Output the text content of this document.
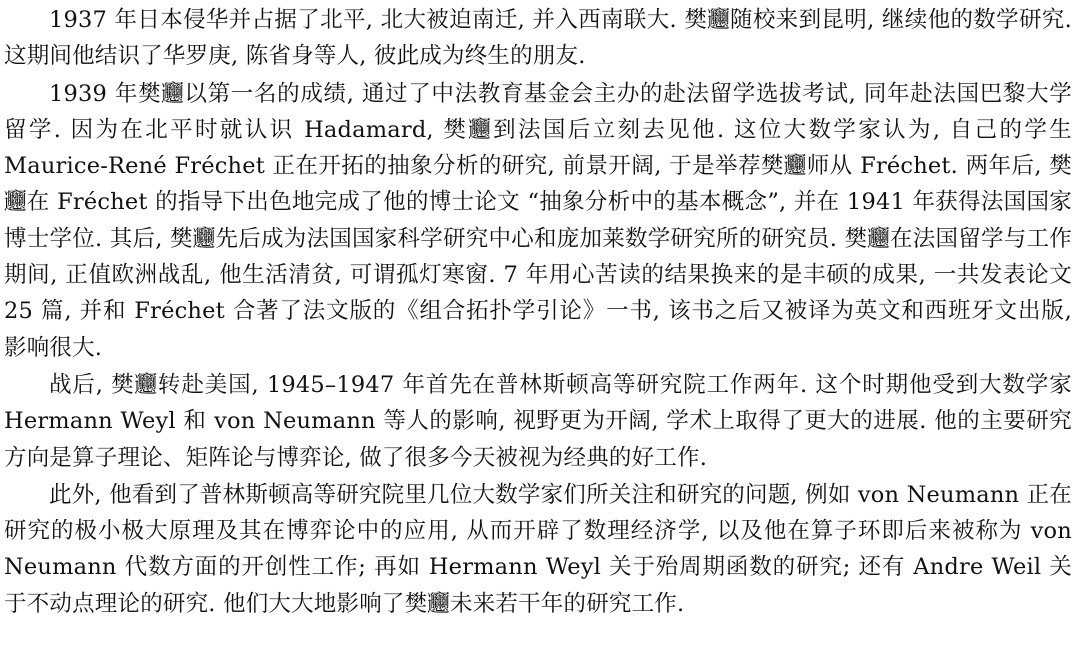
1937 年日本侵华并占据了北平, 北大被迫南迁, 并入西南联大. 樊𰻝随校来到昆明, 继续他的数学研究. 这期间他结识了华罗庚, 陈省身等人, 彼此成为终生的朋友.

1939 年樊𰻝以第一名的成绩, 通过了中法教育基金会主办的赴法留学选拔考试, 同年赴法国巴黎大学留学. 因为在北平时就认识 Hadamard, 樊𰻝到法国后立刻去见他. 这位大数学家认为, 自己的学生 Maurice-René Fréchet 正在开拓的抽象分析的研究, 前景开阔, 于是举荐樊𰻝师从 Fréchet. 两年后, 樊𰻝在 Fréchet 的指导下出色地完成了他的博士论文 “抽象分析中的基本概念”, 并在 1941 年获得法国国家博士学位. 其后, 樊𰻝先后成为法国国家科学研究中心和庞加莱数学研究所的研究员. 樊𰻝在法国留学与工作期间, 正值欧洲战乱, 他生活清贫, 可谓孤灯寒窗. 7 年用心苦读的结果换来的是丰硕的成果, 一共发表论文 25 篇, 并和 Fréchet 合著了法文版的《组合拓扑学引论》一书, 该书之后又被译为英文和西班牙文出版, 影响很大.

战后, 樊𰻝转赴美国, 1945–1947 年首先在普林斯顿高等研究院工作两年. 这个时期他受到大数学家 Hermann Weyl 和 von Neumann 等人的影响, 视野更为开阔, 学术上取得了更大的进展. 他的主要研究方向是算子理论、矩阵论与博弈论, 做了很多今天被视为经典的好工作.

此外, 他看到了普林斯顿高等研究院里几位大数学家们所关注和研究的问题, 例如 von Neumann 正在研究的极小极大原理及其在博弈论中的应用, 从而开辟了数理经济学, 以及他在算子环即后来被称为 von Neumann 代数方面的开创性工作; 再如 Hermann Weyl 关于殆周期函数的研究; 还有 Andre Weil 关于不动点理论的研究. 他们大大地影响了樊𰻝未来若干年的研究工作.
